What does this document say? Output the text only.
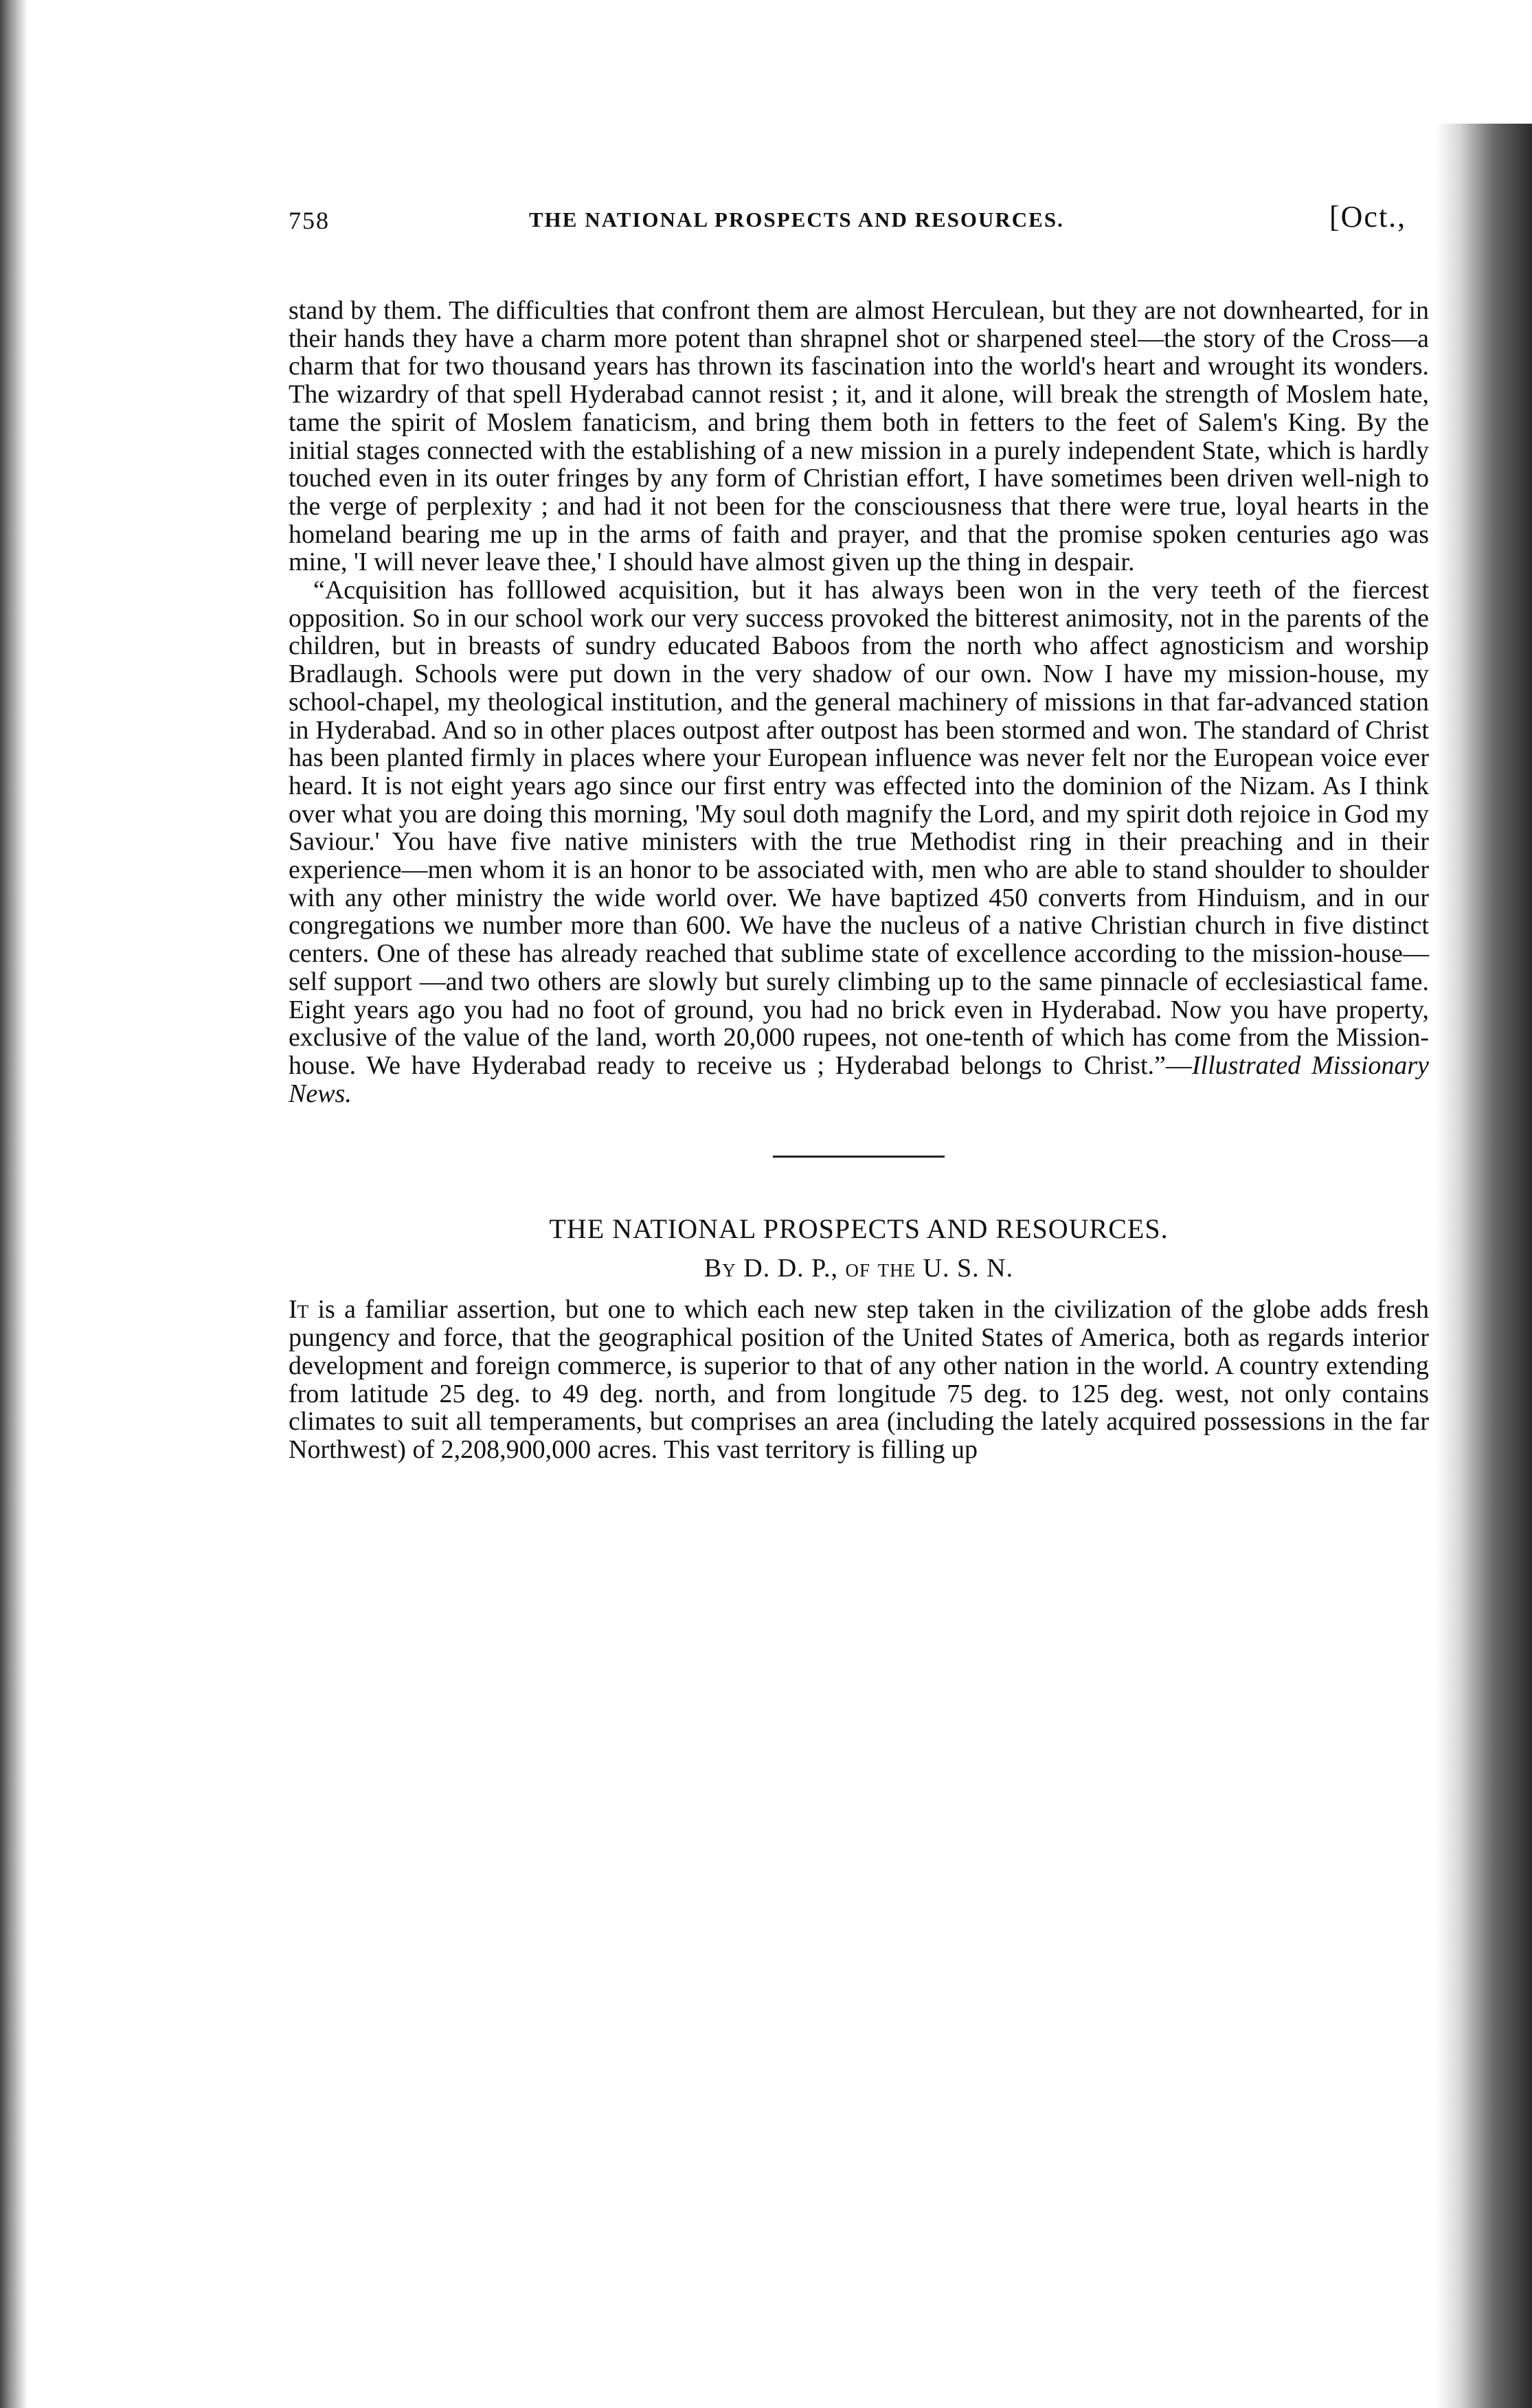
758	THE NATIONAL PROSPECTS AND RESOURCES.	[Oct.,

stand by them. The difficulties that confront them are almost Herculean, but they are not downhearted, for in their hands they have a charm more potent than shrapnel shot or sharpened steel—the story of the Cross—a charm that for two thousand years has thrown its fascination into the world's heart and wrought its wonders. The wizardry of that spell Hyderabad cannot resist ; it, and it alone, will break the strength of Moslem hate, tame the spirit of Moslem fanaticism, and bring them both in fetters to the feet of Salem's King. By the initial stages connected with the establishing of a new mission in a purely independent State, which is hardly touched even in its outer fringes by any form of Christian effort, I have sometimes been driven well-nigh to the verge of perplexity ; and had it not been for the consciousness that there were true, loyal hearts in the homeland bearing me up in the arms of faith and prayer, and that the promise spoken centuries ago was mine, 'I will never leave thee,' I should have almost given up the thing in despair.

“Acquisition has folllowed acquisition, but it has always been won in the very teeth of the fiercest opposition. So in our school work our very success provoked the bitterest animosity, not in the parents of the children, but in breasts of sundry educated Baboos from the north who affect agnosticism and worship Bradlaugh. Schools were put down in the very shadow of our own. Now I have my mission-house, my school-chapel, my theological institution, and the general machinery of missions in that far-advanced station in Hyderabad. And so in other places outpost after outpost has been stormed and won. The standard of Christ has been planted firmly in places where your European influence was never felt nor the European voice ever heard. It is not eight years ago since our first entry was effected into the dominion of the Nizam. As I think over what you are doing this morning, 'My soul doth magnify the Lord, and my spirit doth rejoice in God my Saviour.' You have five native ministers with the true Methodist ring in their preaching and in their experience—men whom it is an honor to be associated with, men who are able to stand shoulder to shoulder with any other ministry the wide world over. We have baptized 450 converts from Hinduism, and in our congregations we number more than 600. We have the nucleus of a native Christian church in five distinct centers. One of these has already reached that sublime state of excellence according to the mission-house—self support —and two others are slowly but surely climbing up to the same pinnacle of ecclesiastical fame. Eight years ago you had no foot of ground, you had no brick even in Hyderabad. Now you have property, exclusive of the value of the land, worth 20,000 rupees, not one-tenth of which has come from the Mission-house. We have Hyderabad ready to receive us ; Hyderabad belongs to Christ.”—Illustrated Missionary News.

THE NATIONAL PROSPECTS AND RESOURCES.
By D. D. P., of the U. S. N.

It is a familiar assertion, but one to which each new step taken in the civilization of the globe adds fresh pungency and force, that the geographical position of the United States of America, both as regards interior development and foreign commerce, is superior to that of any other nation in the world. A country extending from latitude 25 deg. to 49 deg. north, and from longitude 75 deg. to 125 deg. west, not only contains climates to suit all temperaments, but comprises an area (including the lately acquired possessions in the far Northwest) of 2,208,900,000 acres. This vast territory is filling up
